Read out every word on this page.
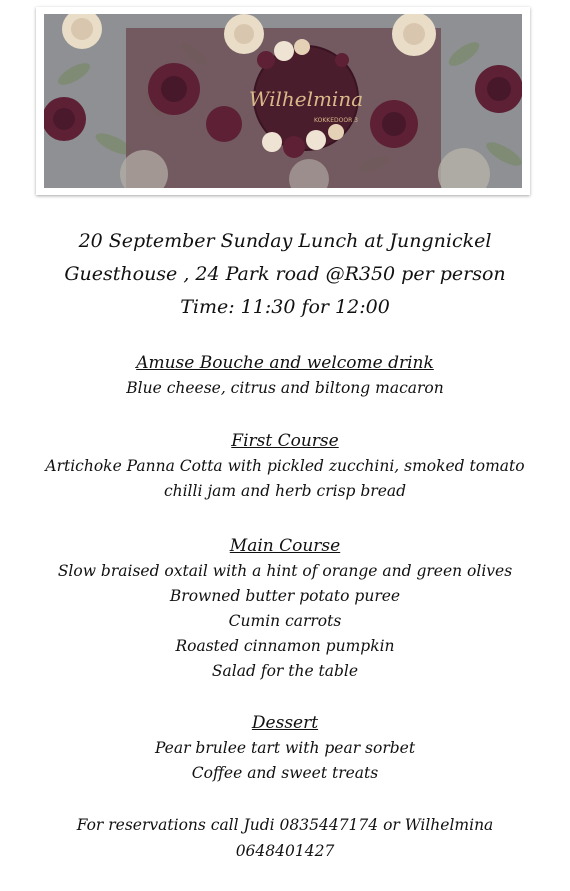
Wilhelmina
KOKKEDOOR 3
20 September Sunday Lunch at Jungnickel
Guesthouse , 24 Park road @R350 per person
Time: 11:30 for 12:00
Amuse Bouche and welcome drink
Blue cheese, citrus and biltong macaron
First Course
Artichoke Panna Cotta with pickled zucchini, smoked tomato
chilli jam and herb crisp bread
Main Course
Slow braised oxtail with a hint of orange and green olives
Browned butter potato puree
Cumin carrots
Roasted cinnamon pumpkin
Salad for the table
Dessert
Pear brulee tart with pear sorbet
Coffee and sweet treats
For reservations call Judi 0835447174 or Wilhelmina
0648401427
